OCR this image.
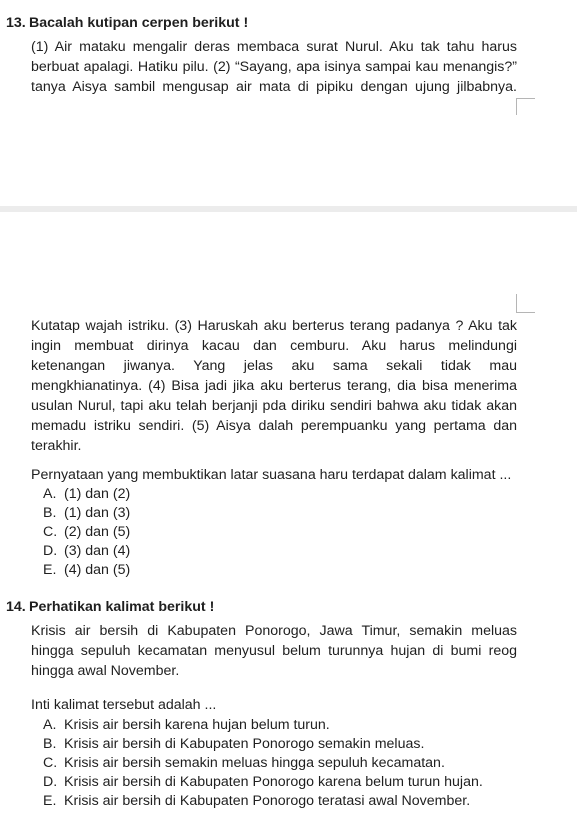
13. Bacalah kutipan cerpen berikut !
(1) Air mataku mengalir deras membaca surat Nurul. Aku tak tahu harus
berbuat apalagi. Hatiku pilu. (2) “Sayang, apa isinya sampai kau menangis?”
tanya Aisya sambil mengusap air mata di pipiku dengan ujung jilbabnya.
Kutatap wajah istriku. (3) Haruskah aku berterus terang padanya ? Aku tak
ingin membuat dirinya kacau dan cemburu. Aku harus melindungi
ketenangan jiwanya. Yang jelas aku sama sekali tidak mau
mengkhianatinya. (4) Bisa jadi jika aku berterus terang, dia bisa menerima
usulan Nurul, tapi aku telah berjanji pda diriku sendiri bahwa aku tidak akan
memadu istriku sendiri. (5) Aisya dalah perempuanku yang pertama dan
terakhir.
Pernyataan yang membuktikan latar suasana haru terdapat dalam kalimat ...
A. (1) dan (2)
B. (1) dan (3)
C. (2) dan (5)
D. (3) dan (4)
E. (4) dan (5)
14. Perhatikan kalimat berikut !
Krisis air bersih di Kabupaten Ponorogo, Jawa Timur, semakin meluas
hingga sepuluh kecamatan menyusul belum turunnya hujan di bumi reog
hingga awal November.
Inti kalimat tersebut adalah ...
A. Krisis air bersih karena hujan belum turun.
B. Krisis air bersih di Kabupaten Ponorogo semakin meluas.
C. Krisis air bersih semakin meluas hingga sepuluh kecamatan.
D. Krisis air bersih di Kabupaten Ponorogo karena belum turun hujan.
E. Krisis air bersih di Kabupaten Ponorogo teratasi awal November.
